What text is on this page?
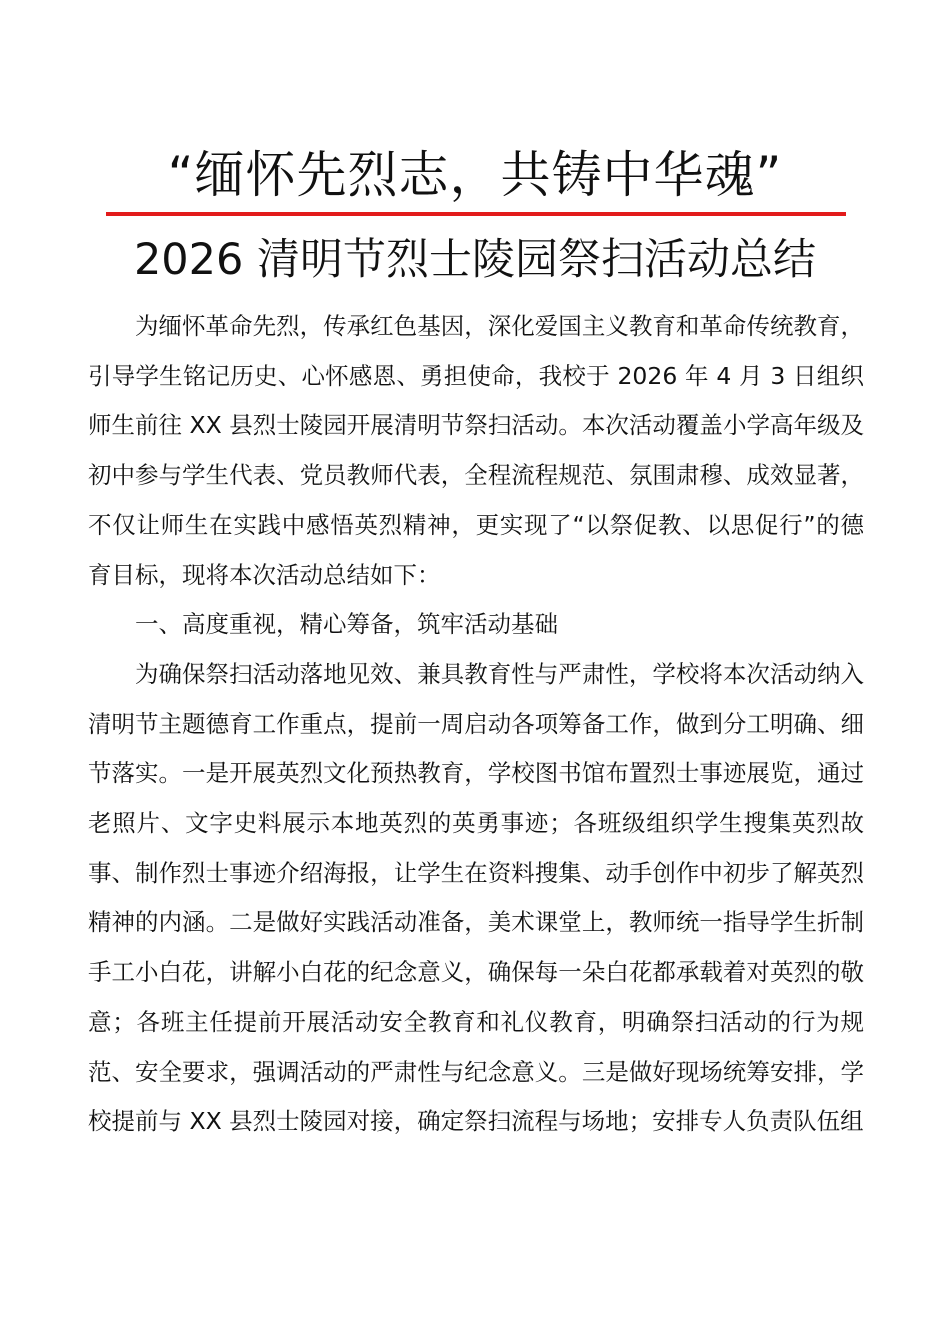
“缅怀先烈志，共铸中华魂”
2026 清明节烈士陵园祭扫活动总结

为缅怀革命先烈，传承红色基因，深化爱国主义教育和革命传统教育，引导学生铭记历史、心怀感恩、勇担使命，我校于 2026 年 4 月 3 日组织师生前往 XX 县烈士陵园开展清明节祭扫活动。本次活动覆盖小学高年级及初中参与学生代表、党员教师代表，全程流程规范、氛围肃穆、成效显著，不仅让师生在实践中感悟英烈精神，更实现了“以祭促教、以思促行”的德育目标，现将本次活动总结如下：

一、高度重视，精心筹备，筑牢活动基础

为确保祭扫活动落地见效、兼具教育性与严肃性，学校将本次活动纳入清明节主题德育工作重点，提前一周启动各项筹备工作，做到分工明确、细节落实。一是开展英烈文化预热教育，学校图书馆布置烈士事迹展览，通过老照片、文字史料展示本地英烈的英勇事迹；各班级组织学生搜集英烈故事、制作烈士事迹介绍海报，让学生在资料搜集、动手创作中初步了解英烈精神的内涵。二是做好实践活动准备，美术课堂上，教师统一指导学生折制手工小白花，讲解小白花的纪念意义，确保每一朵白花都承载着对英烈的敬意；各班主任提前开展活动安全教育和礼仪教育，明确祭扫活动的行为规范、安全要求，强调活动的严肃性与纪念意义。三是做好现场统筹安排，学校提前与 XX 县烈士陵园对接，确定祭扫流程与场地；安排专人负责队伍组
